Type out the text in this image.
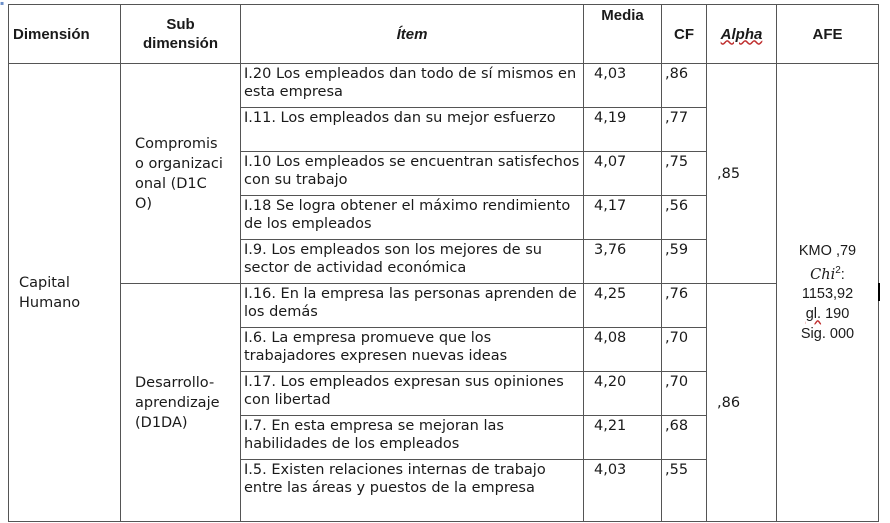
▪
Dimensión	Sub dimensión	Ítem	Media	CF	Alpha	AFE
Capital Humano	Compromiso organizacional (D1CO)	I.20 Los empleados dan todo de sí mismos en esta empresa	4,03	,86	,85	KMO ,79
Chi$^2$:
1153,92
gl. 190
Sig. 000

		I.11. Los empleados dan su mejor esfuerzo	4,19	,77		
		I.10 Los empleados se encuentran satisfechos con su trabajo	4,07	,75		
		I.18 Se logra obtener el máximo rendimiento de los empleados	4,17	,56		
		I.9. Los empleados son los mejores de su sector de actividad económica	3,76	,59		

	Desarrollo-aprendizaje (D1DA)	I.16. En la empresa las personas aprenden de los demás	4,25	,76	,86	
		I.6. La empresa promueve que los trabajadores expresen nuevas ideas	4,08	,70		
		I.17. Los empleados expresan sus opiniones con libertad	4,20	,70		
		I.7. En esta empresa se mejoran las habilidades de los empleados	4,21	,68		
		I.5. Existen relaciones internas de trabajo entre las áreas y puestos de la empresa	4,03	,55		
